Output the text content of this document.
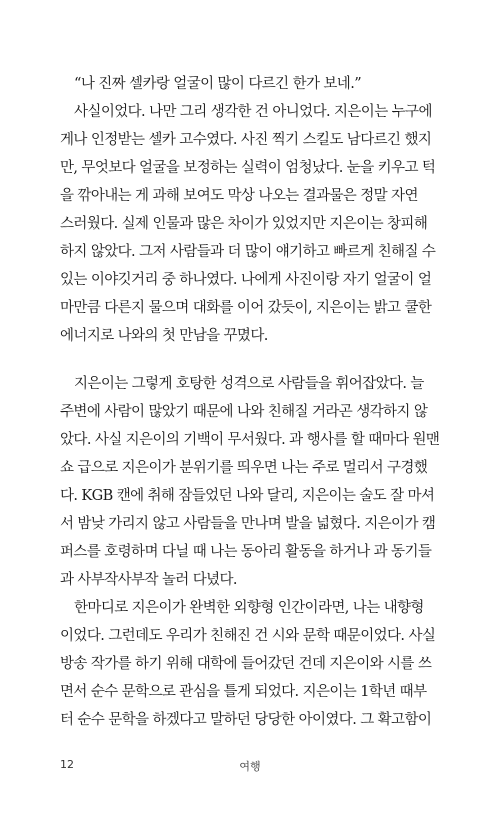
“나 진짜 셀카랑 얼굴이 많이 다르긴 한가 보네.”
사실이었다. 나만 그리 생각한 건 아니었다. 지은이는 누구에
게나 인정받는 셀카 고수였다. 사진 찍기 스킬도 남다르긴 했지
만, 무엇보다 얼굴을 보정하는 실력이 엄청났다. 눈을 키우고 턱
을 깎아내는 게 과해 보여도 막상 나오는 결과물은 정말 자연
스러웠다. 실제 인물과 많은 차이가 있었지만 지은이는 창피해
하지 않았다. 그저 사람들과 더 많이 얘기하고 빠르게 친해질 수
있는 이야깃거리 중 하나였다. 나에게 사진이랑 자기 얼굴이 얼
마만큼 다른지 물으며 대화를 이어 갔듯이, 지은이는 밝고 쿨한
에너지로 나와의 첫 만남을 꾸몄다.
지은이는 그렇게 호탕한 성격으로 사람들을 휘어잡았다. 늘
주변에 사람이 많았기 때문에 나와 친해질 거라곤 생각하지 않
았다. 사실 지은이의 기백이 무서웠다. 과 행사를 할 때마다 원맨
쇼 급으로 지은이가 분위기를 띄우면 나는 주로 멀리서 구경했
다. KGB 캔에 취해 잠들었던 나와 달리, 지은이는 술도 잘 마셔
서 밤낮 가리지 않고 사람들을 만나며 발을 넓혔다. 지은이가 캠
퍼스를 호령하며 다닐 때 나는 동아리 활동을 하거나 과 동기들
과 사부작사부작 놀러 다녔다.
한마디로 지은이가 완벽한 외향형 인간이라면, 나는 내향형
이었다. 그런데도 우리가 친해진 건 시와 문학 때문이었다. 사실
방송 작가를 하기 위해 대학에 들어갔던 건데 지은이와 시를 쓰
면서 순수 문학으로 관심을 틀게 되었다. 지은이는 1학년 때부
터 순수 문학을 하겠다고 말하던 당당한 아이였다. 그 확고함이
12	여행
